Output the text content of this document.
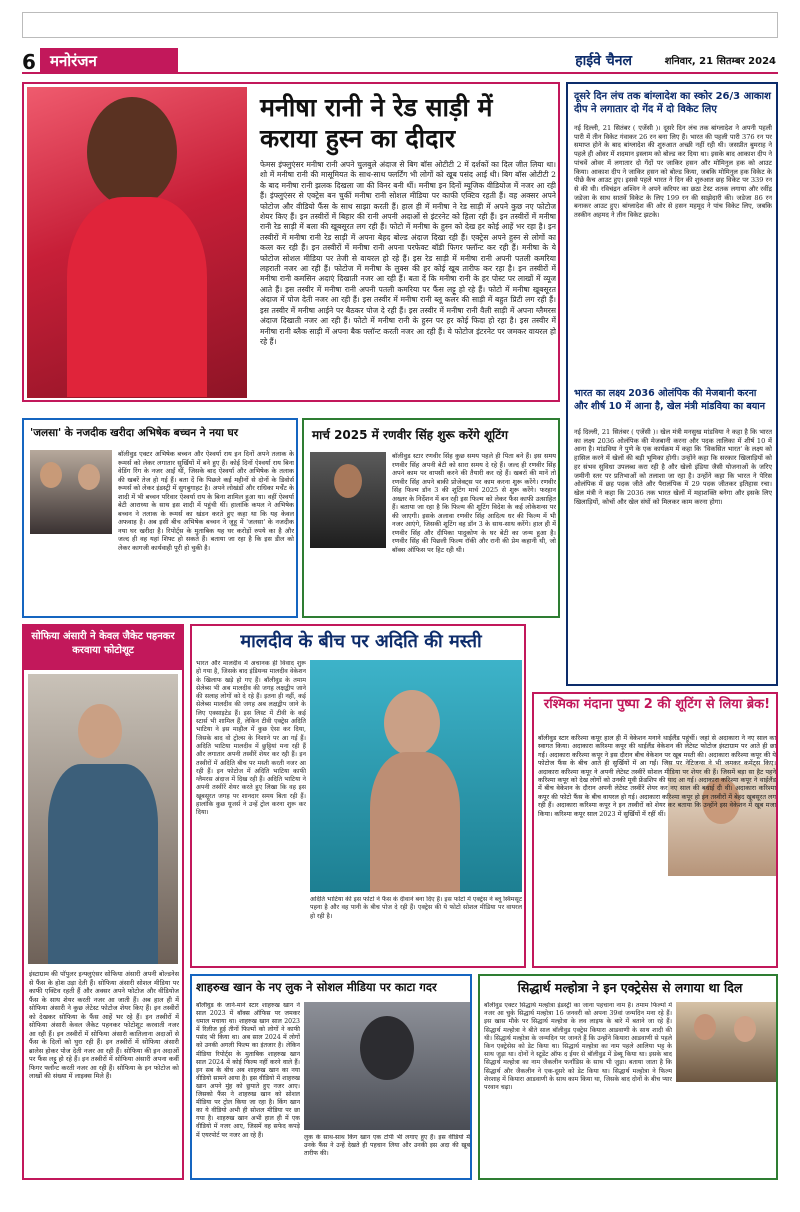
6 मनोरंजन	हाईवे चैनल	शनिवार, 21 सितम्बर 2024
मनीषा रानी ने रेड साड़ी में कराया हुस्न का दीदार
फेमस इंफ्लुएंसर मनीषा रानी अपने चुलबुले अंदाज से बिग बॉस ओटीटी 2 में दर्शकों का दिल जीत लिया था। शो में मनीषा रानी की मासूमियत के साथ-साथ फ्लर्टिंग भी लोगों को खूब पसंद आई थी। बिग बॉस ओटीटी 2 के बाद मनीषा रानी झलक दिखला जा की विनर बनी थीं। मनीषा इन दिनों म्यूजिक वीडियोज में नजर आ रही हैं। इंफ्लुएंसर से एक्ट्रेस बन चुकीं मनीषा रानी सोशल मीडिया पर काफी एक्टिव रहती हैं। वह अक्सर अपने फोटोज और वीडियो फैंस के साथ साझा करती हैं। हाल ही में मनीषा ने रेड साड़ी में अपने कुछ नए फोटोज शेयर किए हैं। इन तस्वीरों में बिहार की रानी अपनी अदाओं से इंटरनेट को हिला रही हैं। इन तस्वीरों में मनीषा रानी रेड साड़ी में बला की खूबसूरत लग रही हैं। फोटो में मनीषा के हुस्न को देख हर कोई आहें भर रहा है। इन तस्वीरों में मनीषा रानी रेड साड़ी में अपना बेहद बोल्ड अंदाज दिखा रही हैं। एक्ट्रेस अपने हुस्न से लोगों का कत्ल कर रही हैं। इन तस्वीरों में मनीषा रानी अपना परफेक्ट बॉडी फिगर फ्लॉन्ट कर रही हैं। मनीषा के ये फोटोज सोशल मीडिया पर तेजी से वायरल हो रहे हैं। इस रेड साड़ी में मनीषा रानी अपनी पतली कमरिया लहराती नजर आ रही हैं। फोटोज में मनीषा के लुक्स की हर कोई खूब तारीफ कर रहा है। इन तस्वीरों में मनीषा रानी कमसिन अदाएं दिखाती नजर आ रही हैं। बता दें कि मनीषा रानी के हर पोस्ट पर लाखों में व्यूज आते हैं। इस तस्वीर में मनीषा रानी अपनी पतली कमरिया पर फैंस लट्टू हो रहे हैं। फोटो में मनीषा खूबसूरत अंदाज में पोज देती नजर आ रही हैं। इस तस्वीर में मनीषा रानी ब्लू कलर की साड़ी में बहुत प्रिटी लग रही हैं। इस तस्वीर में मनीषा आईने पर बैठकर पोज दे रही हैं। इस तस्वीर में मनीषा रानी वैली साड़ी में अपना ग्लैमरस अंदाज दिखाती नजर आ रही हैं। फोटो में मनीषा रानी के हुस्न पर हर कोई फिदा हो रहा है। इस तस्वीर में मनीषा रानी ब्लैक साड़ी में अपना बैक फ्लॉन्ट करती नजर आ रही हैं। ये फोटोज इंटरनेट पर जमकर वायरल हो रहे हैं।
दूसरे दिन लंच तक बांग्लादेश का स्कोर 26/3 आकाश दीप ने लगातार दो गेंद में दो विकेट लिए
नई दिल्ली, 21 सितंबर ( एजेंसी )। दूसरे दिन लंच तक बांग्लादेश ने अपनी पहली पारी में तीन विकेट गंवाकर 26 रन बना लिए हैं। भारत की पहली पारी 376 रन पर समाप्त होने के बाद बांग्लादेश की शुरुआत अच्छी नहीं रही थी। जसप्रीत बुमराह ने पहले ही ओवर में शदमान इस्लाम को बोल्ड कर दिया था। इसके बाद आकाश दीप ने पांचवें ओवर में लगातार दो गेंदों पर जाकिर हसन और मोमिनुल हक को आउट किया। आकाश दीप ने जाकिर हसन को बोल्ड किया, जबकि मोमिनुल हक विकेट के पीछे कैच आउट हुए। इससे पहले भारत ने दिन की शुरुआत छह विकेट पर 339 रन से की थी। रविचंद्रन अश्विन ने अपने करियर का छठा टेस्ट शतक लगाया और रवींद्र जडेजा के साथ सातवें विकेट के लिए 199 रन की साझेदारी की। जडेजा 86 रन बनाकर आउट हुए। बांग्लादेश की ओर से हसन महमूद ने पांच विकेट लिए, जबकि तस्कीन अहमद ने तीन विकेट झटके।
भारत का लक्ष्य 2036 ओलंपिक की मेजबानी करना और शीर्ष 10 में आना है, खेल मंत्री मांडविया का बयान
नई दिल्ली, 21 सितंबर ( एजेंसी )। खेल मंत्री मनसुख मांडविया ने कहा है कि भारत का लक्ष्य 2036 ओलंपिक की मेजबानी करना और पदक तालिका में शीर्ष 10 में आना है। मांडविया ने पुणे के एक कार्यक्रम में कहा कि 'विकसित भारत' के लक्ष्य को हासिल करने में खेलों की बड़ी भूमिका होगी। उन्होंने कहा कि सरकार खिलाड़ियों को हर संभव सुविधा उपलब्ध करा रही है और खेलो इंडिया जैसी योजनाओं के जरिए जमीनी स्तर पर प्रतिभाओं को तलाशा जा रहा है। उन्होंने कहा कि भारत ने पेरिस ओलंपिक में छह पदक जीते और पैरालंपिक में 29 पदक जीतकर इतिहास रचा। खेल मंत्री ने कहा कि 2036 तक भारत खेलों में महाशक्ति बनेगा और इसके लिए खिलाड़ियों, कोचों और खेल संघों को मिलकर काम करना होगा।
'जलसा' के नजदीक खरीदा अभिषेक बच्चन ने नया घर
बॉलीवुड एक्टर अभिषेक बच्चन और ऐश्वर्या राय इन दिनों अपने तलाक के रूमर्स को लेकर लगातार सुर्खियों में बने हुए हैं। कोई दिनों ऐश्वर्या राय बिना वेडिंग रिंग के नजर आईं थीं, जिसके बाद ऐश्वर्या और अभिषेक के तलाक की खबरें तेज हो गई हैं। बता दें कि पिछले कई महीनों से दोनों के डिवोर्स रूमर्स को लेकर इंडस्ट्री में सुगबुगाहट है। अपने लोखंडों और राधिका मर्चेंट के शादी में भी बच्चन परिवार ऐश्वर्या राय के बिना शामिल हुआ था। वहीं ऐश्वर्या बेटी आराध्या के साथ इस शादी में पहुंची थीं। हालांकि कपल ने अभिषेक बच्चन ने तलाक के रूमर्स का खंडन करते हुए कहा था कि यह केवल अफवाह है। अब इसी बीच अभिषेक बच्चन ने जुहू में 'जलसा' के नजदीक नया घर खरीदा है। रिपोर्ट्स के मुताबिक यह घर करोड़ों रुपये का है और जल्द ही वह यहां शिफ्ट हो सकते हैं। बताया जा रहा है कि इस डील को लेकर कागजी कार्यवाही पूरी हो चुकी है।
मार्च 2025 में रणवीर सिंह शुरू करेंगे शूटिंग
बॉलीवुड स्टार रणवीर सिंह कुछ समय पहले ही पिता बने हैं। इस समय रणवीर सिंह अपनी बेटी को सारा समय दे रहे हैं। जल्द ही रणवीर सिंह अपने काम पर वापसी करने की तैयारी कर रहे हैं। खबरों की मानें तो रणवीर सिंह अपने बाकी प्रोजेक्ट्स पर काम करना शुरू करेंगे। रणवीर सिंह फिल्म डॉन 3 की शूटिंग मार्च 2025 से शुरू करेंगे। फरहान अख्तर के निर्देशन में बन रही इस फिल्म को लेकर फैंस काफी उत्साहित हैं। बताया जा रहा है कि फिल्म की शूटिंग विदेश के कई लोकेशन्स पर की जाएगी। इसके अलावा रणवीर सिंह आदित्य धर की फिल्म में भी नजर आएंगे, जिसकी शूटिंग वह डॉन 3 के साथ-साथ करेंगे। हाल ही में रणवीर सिंह और दीपिका पादुकोण के घर बेटी का जन्म हुआ है। रणवीर सिंह की पिछली फिल्म रॉकी और रानी की प्रेम कहानी थी, जो बॉक्स ऑफिस पर हिट रही थी।
सोफिया अंसारी ने केवल जैकेट पहनकर करवाया फोटोशूट
इंस्टाग्राम की पॉपुलर इन्फ्लुएंसर सोफिया अंसारी अपनी बोल्डनेस से फैंस के होश उड़ा देती हैं। सोफिया अंसारी सोशल मीडिया पर काफी एक्टिव रहती हैं और अक्सर अपने फोटोज और वीडियोज फैंस के साथ शेयर करती नजर आ जाती हैं। अब हाल ही में सोफिया अंसारी ने कुछ लेटेस्ट फोटोज शेयर किए हैं। इन तस्वीरों को देखकर सोफिया के फैंस आहें भर रहे हैं। इन तस्वीरों में सोफिया अंसारी केवल जैकेट पहनकर फोटोशूट करवाती नजर आ रही हैं। इन तस्वीरों में सोफिया अंसारी कातिलाना अदाओं से फैंस के दिलों को घुरा रही हैं। इन तस्वीरों में सोफिया अंसारी ब्रालेस होकर पोज देती नजर आ रही हैं। सोफिया की इन अदाओं पर फैंस लट्टू हो रहे हैं। इन तस्वीरों में सोफिया अंसारी अपना कर्वी फिगर फ्लॉन्ट करती नजर आ रही हैं। सोफिया के इन फोटोज को लाखों की संख्या में लाइक्स मिले हैं।
मालदीव के बीच पर अदिति की मस्ती
भारत और मालदीव में अचानक ही विवाद शुरू हो गया है, जिसके बाद इंडियन्स मालदीव वेकेशन के खिलाफ खड़े हो गए हैं। बॉलीवुड के तमाम सेलेब्स भी अब मालदीव की जगह लक्षद्वीप जाने की सलाह लोगों को दे रहे हैं। इतना ही नहीं, कई सेलेब्स मालदीव की जगह अब लक्षद्वीप जाने के लिए एक्साइटेड हैं। इस लिस्ट में टीवी के कई स्टार्स भी शामिल हैं, लेकिन टीवी एक्ट्रेस अदिति भाटिया ने इस माहौल में कुछ ऐसा कर दिया, जिसके बाद वो ट्रोल्स के निशाने पर आ गई हैं। अदिति भाटिया मालदीव में छुट्टियां मना रही हैं और लगातार अपनी तस्वीरें शेयर कर रही हैं। इन तस्वीरों में अदिति बीच पर मस्ती करती नजर आ रही हैं। इन फोटोज में अदिति भाटिया काफी ग्लैमरस अंदाज में दिख रही हैं। अदिति भाटिया ने अपनी तस्वीरें शेयर करते हुए लिखा कि वह इस खूबसूरत जगह पर शानदार समय बिता रही हैं। हालांकि कुछ यूजर्स ने उन्हें ट्रोल करना शुरू कर दिया।
अदिति भाटिया की इस फोटो ने फैंस के दीवाने बना दिए हैं। इस फोटो में एक्ट्रेस ने ब्लू स्विमसूट पहना है और वह पानी के बीच पोज दे रही हैं। एक्ट्रेस की ये फोटो सोशल मीडिया पर वायरल हो रही है।
रश्मिका मंदाना पुष्पा 2 की शूटिंग से लिया ब्रेक!
बॉलीवुड स्टार करिश्मा कपूर हाल ही में वेकेशन मनाने थाईलैंड पहुंचीं। जहां से अदाकारा ने नए साल का स्वागत किया। अदाकारा करिश्मा कपूर की थाईलैंड वेकेशन की लेटेस्ट फोटोज इंस्टाग्राम पर आते ही छा गईं। अदाकारा करिश्मा कपूर ने इस दौरान बीच वेकेशन पर खूब मस्ती की। अदाकारा करिश्मा कपूर की ये फोटोज फैंस के बीच आते ही सुर्खियों में आ गईं। जिस पर नेटिजन्स ने भी जमकर कमेंट्स किए। अदाकारा करिश्मा कपूर ने अपनी लेटेस्ट तस्वीरें सोशल मीडिया पर शेयर की हैं। जिसमें बड़ा सा हैट पहने करिश्मा कपूर को देख लोगों को उनकी मूवी फ्रेंडशिप की याद आ गई। अदाकारा करिश्मा कपूर ने थाईलैंड में बीच वेकेशन के दौरान अपनी लेटेस्ट तस्वीरें शेयर कर नए साल की बधाई दी थी। अदाकारा करिश्मा कपूर की फोटो फैंस के बीच वायरल हो गई। अदाकारा करिश्मा कपूर हो इन तस्वीरों में बेहद खूबसूरत लग रही हैं। अदाकारा करिश्मा कपूर ने इन तस्वीरों को शेयर कर बताया कि उन्होंने इस वेकेशन में खूब मजा किया। करिश्मा कपूर साल 2023 में सुर्खियों में रहीं थीं।
शाहरुख खान के नए लुक ने सोशल मीडिया पर काटा गदर
बॉलीवुड के जाने-माने स्टार शाहरुख खान ने साल 2023 में बॉक्स ऑफिस पर जमकर धमाल मचाया था। शाहरुख खान साल 2023 में रिलीज हुई तीनों फिल्मों को लोगों ने काफी पसंद भी किया था। अब साल 2024 में लोगों को उनकी अगली फिल्म का इंतजार है। लेकिन मीडिया रिपोर्ट्स के मुताबिक शाहरुख खान साल 2024 में कोई फिल्म नहीं करने वाले हैं। इन सब के बीच अब शाहरुख खान का नया वीडियो सामने आया है। इस वीडियो में शाहरुख खान अपने मुंह को छुपाते हुए नजर आए। जिसको फैंस ने शाहरुख खान को सोशल मीडिया पर ट्रोल किया जा रहा है। किंग खान का ये वीडियो अभी ही सोशल मीडिया पर छा गया है। शाहरुख खान अभी हाल ही में एक वीडियो में नजर आए, जिसमें वह सफेद कपड़े में एयरपोर्ट पर नजर आ रहे हैं।	लुक के साथ-साथ किंग खान एक टोपी भी लगाए हुए हैं। इस वीडियो में उनके फैंस ने उन्हें देखते ही पहचान लिया और उनकी इस अदा की खूब तारीफ की।
सिद्धार्थ मल्होत्रा ने इन एक्ट्रेसेस से लगाया था दिल
बॉलीवुड एक्टर सिद्धार्थ मल्होत्रा इंडस्ट्री का जाना पहचाना नाम है। तमाम फिल्मों में नजर आ चुके सिद्धार्थ मल्होत्रा 16 जनवरी को अपना 39वां जन्मदिन मना रहे हैं। इस खास मौके पर सिद्धार्थ मल्होत्रा के लव लाइफ के बारे में बताने जा रहे हैं। सिद्धार्थ मल्होत्रा ने बीते साल बॉलीवुड एक्ट्रेस कियारा आडवाणी के साथ शादी की थी। सिद्धार्थ मल्होत्रा के जन्मदिन पर जानते हैं कि उन्होंने कियारा आडवाणी से पहले किन एक्ट्रेसेस को डेट किया था। सिद्धार्थ मल्होत्रा का नाम पहले आलिया भट्ट के साथ जुड़ा था। दोनों ने स्टूडेंट ऑफ द ईयर से बॉलीवुड में डेब्यू किया था। इसके बाद सिद्धार्थ मल्होत्रा का नाम जैकलीन फर्नांडिस के साथ भी जुड़ा। बताया जाता है कि सिद्धार्थ और जैकलीन ने एक-दूसरे को डेट किया था। सिद्धार्थ मल्होत्रा ने फिल्म शेरशाह में कियारा आडवाणी के साथ काम किया था, जिसके बाद दोनों के बीच प्यार परवान चढ़ा।
